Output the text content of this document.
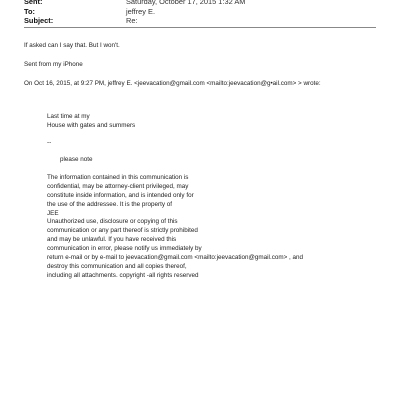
Sent:	Saturday, October 17, 2015 1:32 AM
To:	jeffrey E.
Subject:	Re:
If asked can I say that. But I won't.
Sent from my iPhone
On Oct 16, 2015, at 9:27 PM, jeffrey E. <jeevacation@gmail.com <mailto:jeevacation@g•ail.com> > wrote:
Last time at my
House with gates and summers
--
please note
The information contained in this communication is
confidential, may be attorney-client privileged, may
constitute inside information, and is intended only for
the use of the addressee. It is the property of
JEE
Unauthorized use, disclosure or copying of this
communication or any part thereof is strictly prohibited
and may be unlawful. If you have received this
communication in error, please notify us immediately by
return e-mail or by e-mail to jeevacation@gmail.com <mailto:jeevacation@gmail.com> , and
destroy this communication and all copies thereof,
including all attachments. copyright -all rights reserved
